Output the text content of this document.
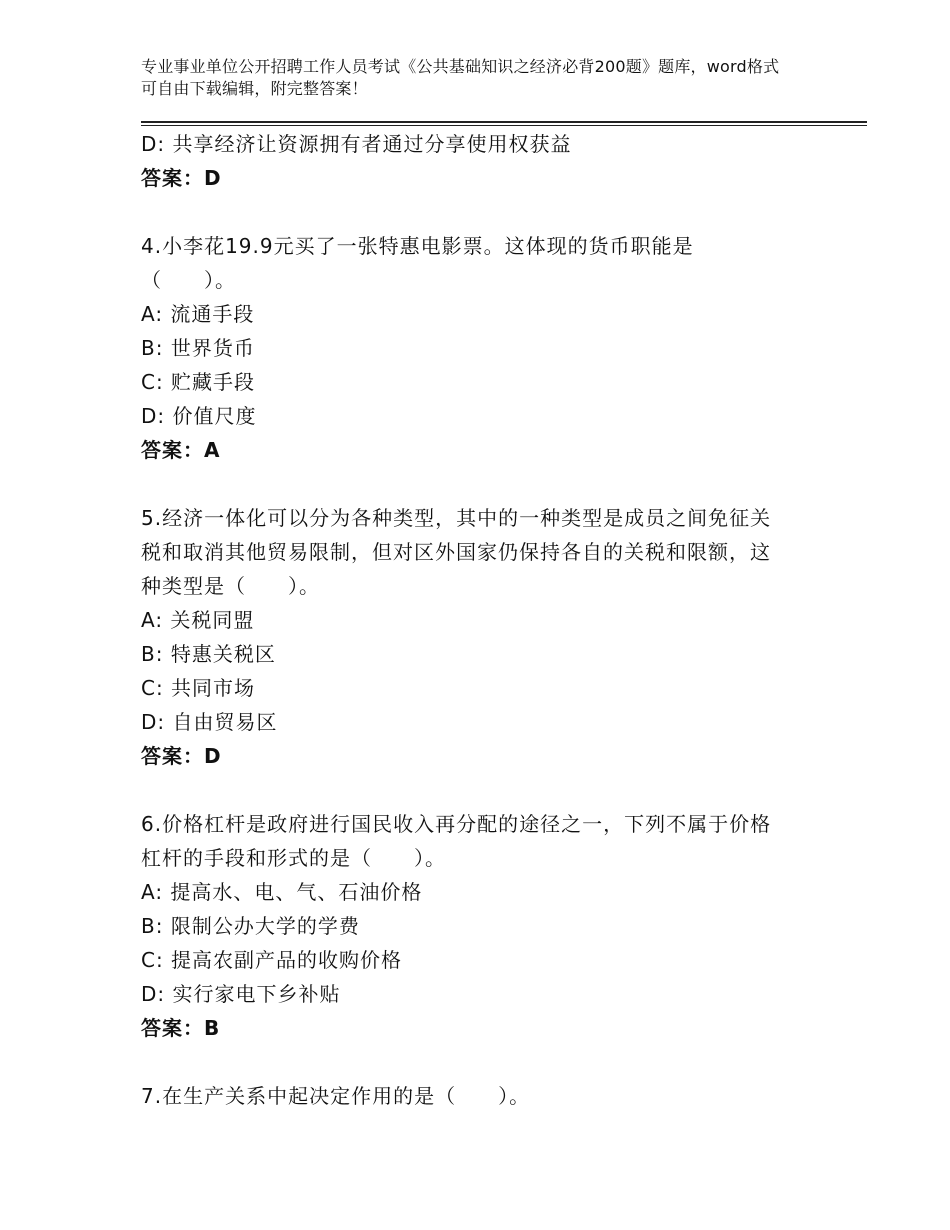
专业事业单位公开招聘工作人员考试《公共基础知识之经济必背200题》题库，word格式可自由下载编辑，附完整答案！
D: 共享经济让资源拥有者通过分享使用权获益
答案：D
4.小李花19.9元买了一张特惠电影票。这体现的货币职能是
（　　）。
A: 流通手段
B: 世界货币
C: 贮藏手段
D: 价值尺度
答案：A
5.经济一体化可以分为各种类型，其中的一种类型是成员之间免征关
税和取消其他贸易限制，但对区外国家仍保持各自的关税和限额，这
种类型是（　　）。
A: 关税同盟
B: 特惠关税区
C: 共同市场
D: 自由贸易区
答案：D
6.价格杠杆是政府进行国民收入再分配的途径之一，下列不属于价格
杠杆的手段和形式的是（　　）。
A: 提高水、电、气、石油价格
B: 限制公办大学的学费
C: 提高农副产品的收购价格
D: 实行家电下乡补贴
答案：B
7.在生产关系中起决定作用的是（　　）。
